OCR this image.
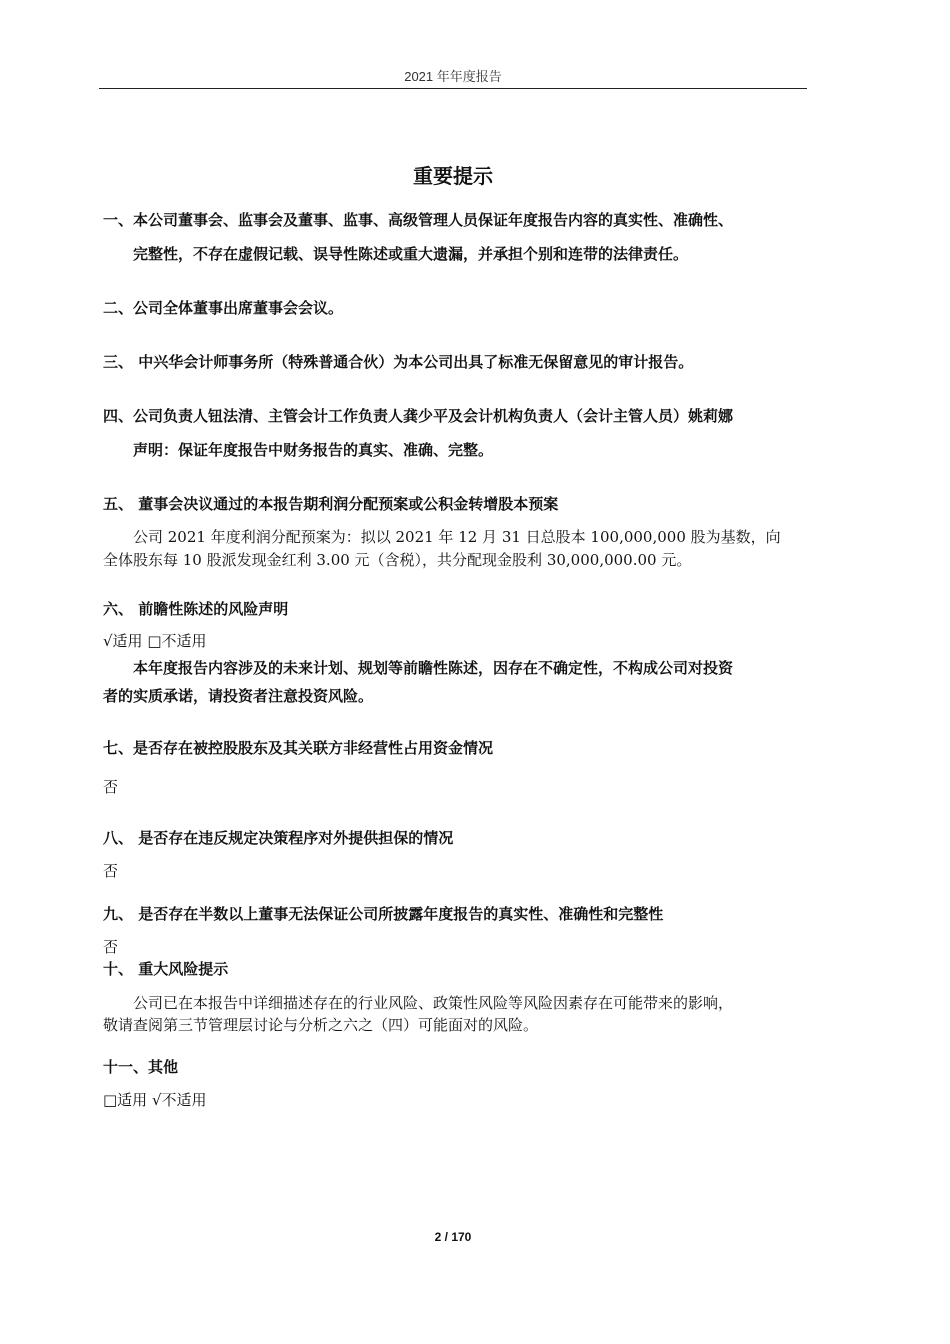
2021 年年度报告
重要提示
一、本公司董事会、监事会及董事、监事、高级管理人员保证年度报告内容的真实性、准确性、
完整性，不存在虚假记载、误导性陈述或重大遗漏，并承担个别和连带的法律责任。
二、公司全体董事出席董事会会议。
三、 中兴华会计师事务所（特殊普通合伙）为本公司出具了标准无保留意见的审计报告。
四、公司负责人钮法清、主管会计工作负责人龚少平及会计机构负责人（会计主管人员）姚莉娜
声明：保证年度报告中财务报告的真实、准确、完整。
五、 董事会决议通过的本报告期利润分配预案或公积金转增股本预案
公司 2021 年度利润分配预案为：拟以 2021 年 12 月 31 日总股本 100,000,000 股为基数，向
全体股东每 10 股派发现金红利 3.00 元（含税），共分配现金股利 30,000,000.00 元。
六、 前瞻性陈述的风险声明
√适用 □不适用
本年度报告内容涉及的未来计划、规划等前瞻性陈述，因存在不确定性，不构成公司对投资
者的实质承诺，请投资者注意投资风险。
七、是否存在被控股股东及其关联方非经营性占用资金情况
否
八、 是否存在违反规定决策程序对外提供担保的情况
否
九、 是否存在半数以上董事无法保证公司所披露年度报告的真实性、准确性和完整性
否
十、 重大风险提示
公司已在本报告中详细描述存在的行业风险、政策性风险等风险因素存在可能带来的影响，
敬请查阅第三节管理层讨论与分析之六之（四）可能面对的风险。
十一、其他
□适用 √不适用
2 / 170
